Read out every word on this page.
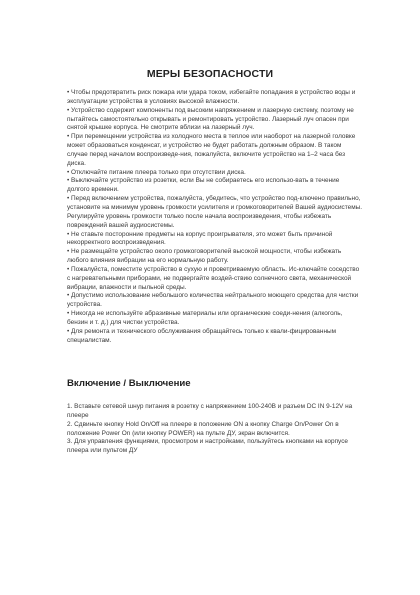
МЕРЫ БЕЗОПАСНОСТИ

• Чтобы предотвратить риск пожара или удара током, избегайте попадания в устройство воды и эксплуатации устройства в условиях высокой влажности.

• Устройство содержит компоненты под высоким напряжением и лазерную систему, поэтому не пытайтесь самостоятельно открывать и ремонтировать устройство. Лазерный луч опасен при снятой крышке корпуса. Не смотрите вблизи на лазерный луч.

• При перемещении устройства из холодного места в теплое или наоборот на лазерной головке может образоваться конденсат, и устройство не будет работать должным образом. В таком случае перед началом воспроизведе-ния, пожалуйста, включите устройство на 1–2 часа без диска.

• Отключайте питание плеера только при отсутствии диска.

• Выключайте устройство из розетки, если Вы не собираетесь его использо-вать в течение долгого времени.

• Перед включением устройства, пожалуйста, убедитесь, что устройство под-ключено правильно, установите на минимум уровень громкости усилителя и громкоговорителей Вашей аудиосистемы.

Регулируйте уровень громкости только после начала воспроизведения, чтобы избежать повреждений вашей аудиосистемы.

• Не ставьте посторонние предметы на корпус проигрывателя, это может быть причиной некорректного воспроизведения.

• Не размещайте устройство около громкоговорителей высокой мощности, чтобы избежать любого влияния вибрации на его нормальную работу.

• Пожалуйста, поместите устройство в сухую и проветриваемую область. Ис-ключайте соседство с нагревательными приборами, не подвергайте воздей-ствию солнечного света, механической вибрации, влажности и пыльной среды.

• Допустимо использование небольшого количества нейтрального моющего средства для чистки устройства.

• Никогда не используйте абразивные материалы или органические соеди-нения (алкоголь, бензин и т. д.) для чистки устройства.

• Для ремонта и технического обслуживания обращайтесь только к квали-фицированным специалистам.

Включение / Выключение

1. Вставьте сетевой шнур питания в розетку с напряжением 100-240В и разъем DC IN 9-12V на плеере

2. Сдвиньте кнопку Hold On/Off на плеере в положение ON а кнопку Charge On/Power On в положение Power On (или кнопку POWER) на пульте ДУ, экран включится.

3. Для управления функциями, просмотром и настройками, пользуйтесь кнопками на корпусе плеера или пультом ДУ
